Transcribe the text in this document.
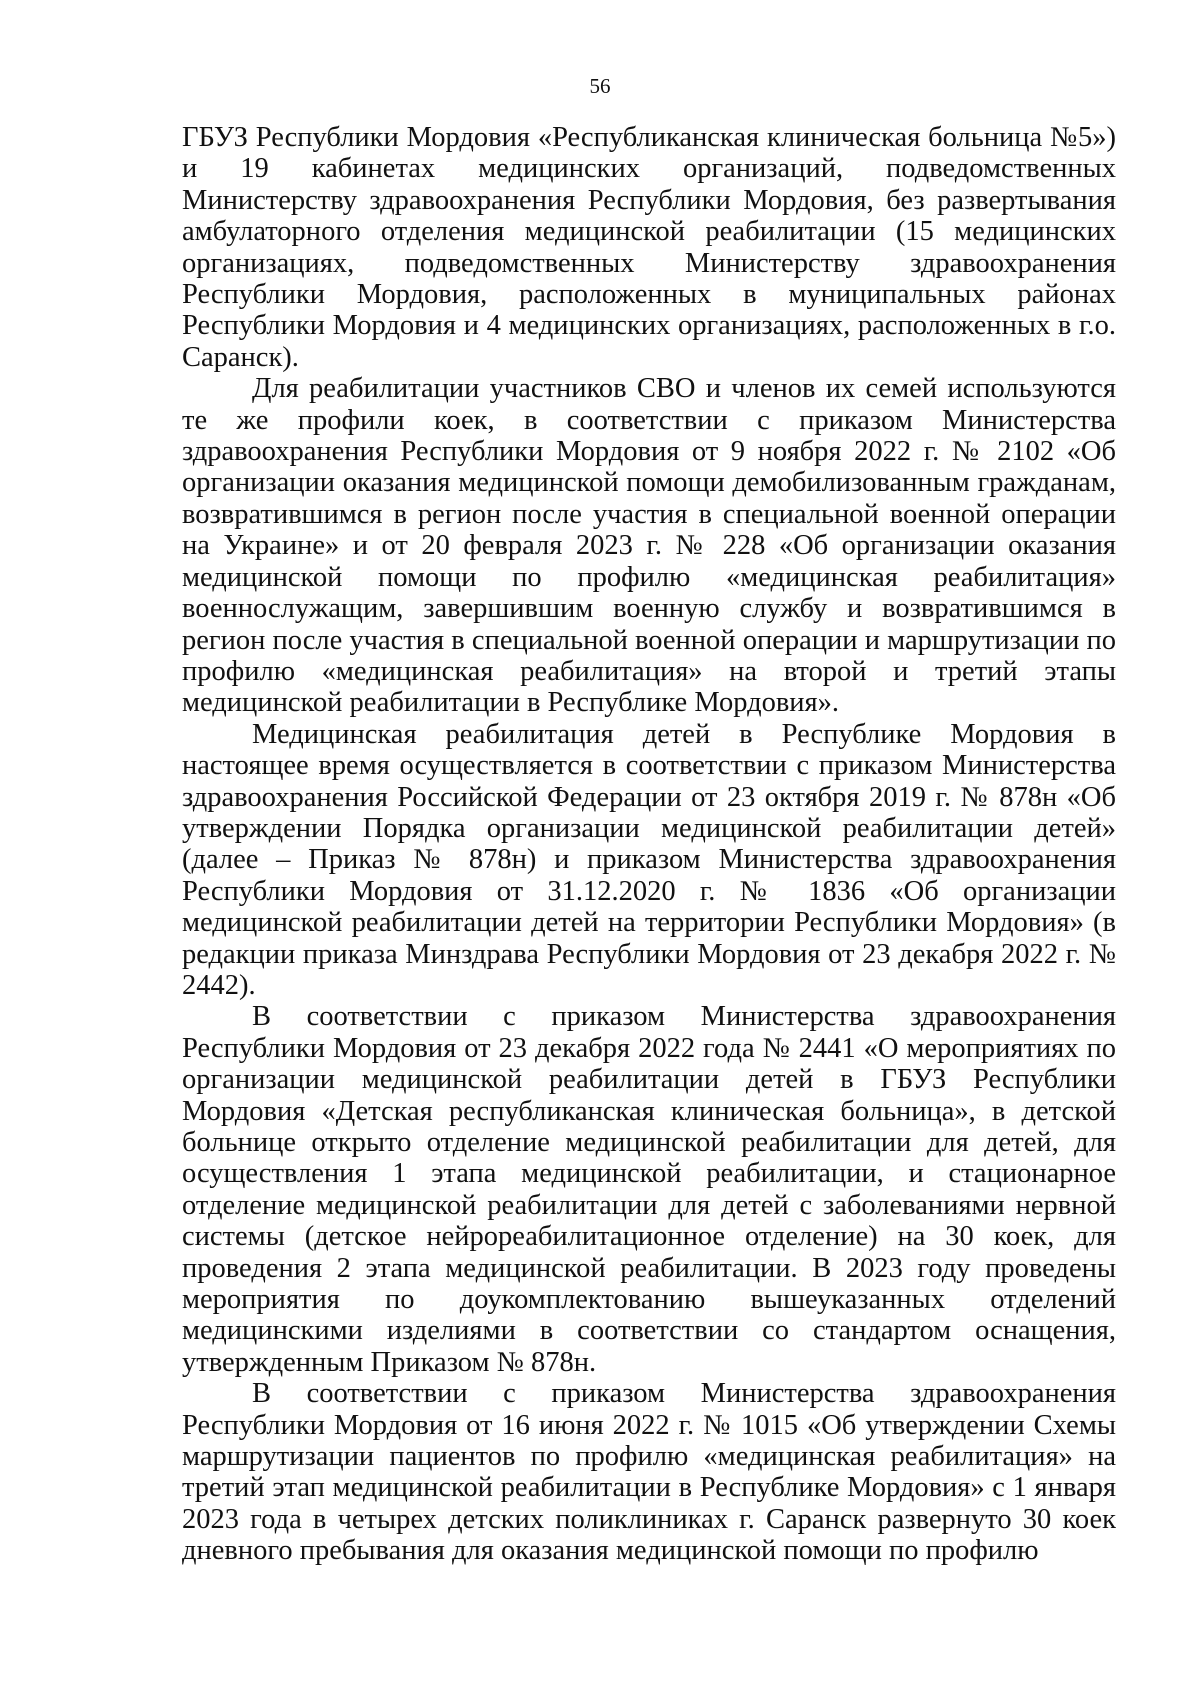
56

ГБУЗ Республики Мордовия «Республиканская клиническая больница №5») и 19 кабинетах медицинских организаций, подведомственных Министерству здравоохранения Республики Мордовия, без развертывания амбулаторного отделения медицинской реабилитации (15 медицинских организациях, подведомственных Министерству здравоохранения Республики Мордовия, расположенных в муниципальных районах Республики Мордовия и 4 медицинских организациях, расположенных в г.о. Саранск).

Для реабилитации участников СВО и членов их семей используются те же профили коек, в соответствии с приказом Министерства здравоохранения Республики Мордовия от 9 ноября 2022 г. № 2102 «Об организации оказания медицинской помощи демобилизованным гражданам, возвратившимся в регион после участия в специальной военной операции на Украине» и от 20 февраля 2023 г. № 228 «Об организации оказания медицинской помощи по профилю «медицинская реабилитация» военнослужащим, завершившим военную службу и возвратившимся в регион после участия в специальной военной операции и маршрутизации по профилю «медицинская реабилитация» на второй и третий этапы медицинской реабилитации в Республике Мордовия».

Медицинская реабилитация детей в Республике Мордовия в настоящее время осуществляется в соответствии с приказом Министерства здравоохранения Российской Федерации от 23 октября 2019 г. № 878н «Об утверждении Порядка организации медицинской реабилитации детей» (далее – Приказ № 878н) и приказом Министерства здравоохранения Республики Мордовия от 31.12.2020 г. № 1836 «Об организации медицинской реабилитации детей на территории Республики Мордовия» (в редакции приказа Минздрава Республики Мордовия от 23 декабря 2022 г. № 2442).

В соответствии с приказом Министерства здравоохранения Республики Мордовия от 23 декабря 2022 года № 2441 «О мероприятиях по организации медицинской реабилитации детей в ГБУЗ Республики Мордовия «Детская республиканская клиническая больница», в детской больнице открыто отделение медицинской реабилитации для детей, для осуществления 1 этапа медицинской реабилитации, и стационарное отделение медицинской реабилитации для детей с заболеваниями нервной системы (детское нейрореабилитационное отделение) на 30 коек, для проведения 2 этапа медицинской реабилитации. В 2023 году проведены мероприятия по доукомплектованию вышеуказанных отделений медицинскими изделиями в соответствии со стандартом оснащения, утвержденным Приказом № 878н.

В соответствии с приказом Министерства здравоохранения Республики Мордовия от 16 июня 2022 г. № 1015 «Об утверждении Схемы маршрутизации пациентов по профилю «медицинская реабилитация» на третий этап медицинской реабилитации в Республике Мордовия» с 1 января 2023 года в четырех детских поликлиниках г. Саранск развернуто 30 коек дневного пребывания для оказания медицинской помощи по профилю
